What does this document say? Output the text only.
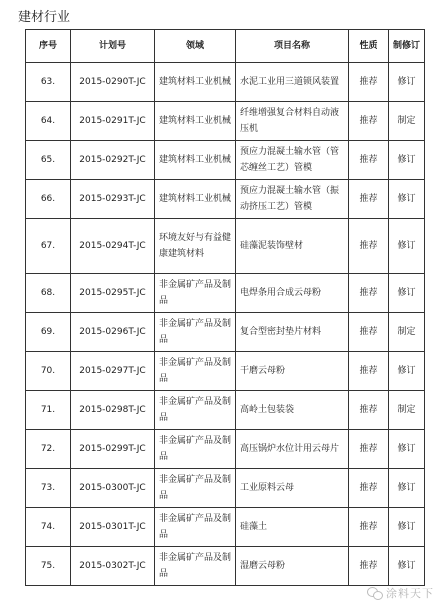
建材行业
序号	计划号	领域	项目名称	性质	制修订
63.	2015-0290T-JC	建筑材料工业机械	水泥工业用三道锁风装置	推荐	修订
64.	2015-0291T-JC	建筑材料工业机械	纤维增强复合材料自动液压机	推荐	制定
65.	2015-0292T-JC	建筑材料工业机械	预应力混凝土输水管（管芯缠丝工艺）管模	推荐	修订
66.	2015-0293T-JC	建筑材料工业机械	预应力混凝土输水管（振动挤压工艺）管模	推荐	修订
67.	2015-0294T-JC	环境友好与有益健康建筑材料	硅藻泥装饰壁材	推荐	修订
68.	2015-0295T-JC	非金属矿产品及制品	电焊条用合成云母粉	推荐	修订
69.	2015-0296T-JC	非金属矿产品及制品	复合型密封垫片材料	推荐	制定
70.	2015-0297T-JC	非金属矿产品及制品	干磨云母粉	推荐	修订
71.	2015-0298T-JC	非金属矿产品及制品	高岭土包装袋	推荐	制定
72.	2015-0299T-JC	非金属矿产品及制品	高压锅炉水位计用云母片	推荐	修订
73.	2015-0300T-JC	非金属矿产品及制品	工业原料云母	推荐	修订
74.	2015-0301T-JC	非金属矿产品及制品	硅藻土	推荐	修订
75.	2015-0302T-JC	非金属矿产品及制品	湿磨云母粉	推荐	修订
涂料天下
